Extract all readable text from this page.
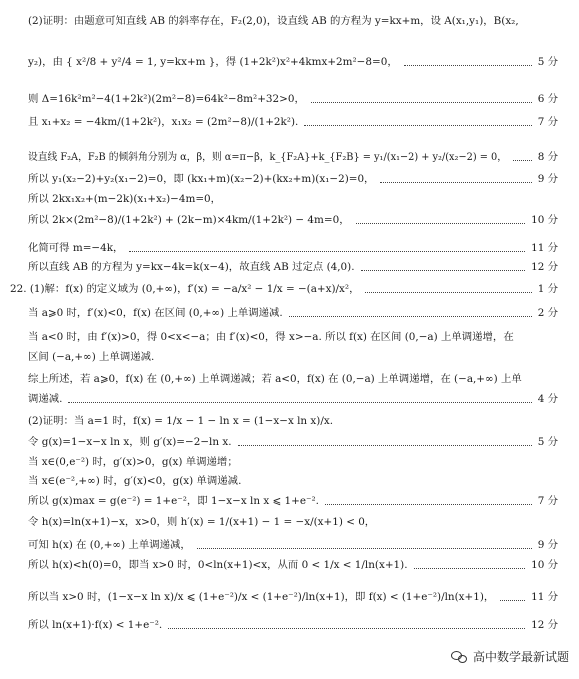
(2)证明：由题意可知直线 AB 的斜率存在，F₂(2,0)，设直线 AB 的方程为 y=kx+m，设 A(x₁,y₁)，B(x₂,
y₂)，由 { x²/8 + y²/4 = 1, y=kx+m }，得 (1+2k²)x²+4kmx+2m²−8=0，	5 分
则 Δ=16k²m²−4(1+2k²)(2m²−8)=64k²−8m²+32>0，	6 分
且 x₁+x₂ = −4km/(1+2k²)，x₁x₂ = (2m²−8)/(1+2k²).	7 分
设直线 F₂A，F₂B 的倾斜角分别为 α，β，则 α=π−β，k_{F₂A}+k_{F₂B} = y₁/(x₁−2) + y₂/(x₂−2) = 0，	8 分
所以 y₁(x₂−2)+y₂(x₁−2)=0，即 (kx₁+m)(x₂−2)+(kx₂+m)(x₁−2)=0，	9 分
所以 2kx₁x₂+(m−2k)(x₁+x₂)−4m=0，
所以 2k×(2m²−8)/(1+2k²) + (2k−m)×4km/(1+2k²) − 4m=0，	10 分
化简可得 m=−4k，	11 分
所以直线 AB 的方程为 y=kx−4k=k(x−4)，故直线 AB 过定点 (4,0).	12 分
22. (1)解：f(x) 的定义域为 (0,+∞)，f′(x) = −a/x² − 1/x = −(a+x)/x²，	1 分
当 a⩾0 时，f′(x)<0，f(x) 在区间 (0,+∞) 上单调递减.	2 分
当 a<0 时，由 f′(x)>0，得 0<x<−a；由 f′(x)<0，得 x>−a. 所以 f(x) 在区间 (0,−a) 上单调递增，在
区间 (−a,+∞) 上单调递减.
综上所述，若 a⩾0，f(x) 在 (0,+∞) 上单调递减；若 a<0，f(x) 在 (0,−a) 上单调递增，在 (−a,+∞) 上单
调递减.	4 分
(2)证明：当 a=1 时，f(x) = 1/x − 1 − ln x = (1−x−x ln x)/x.
令 g(x)=1−x−x ln x，则 g′(x)=−2−ln x.	5 分
当 x∈(0,e⁻²) 时，g′(x)>0，g(x) 单调递增；
当 x∈(e⁻²,+∞) 时，g′(x)<0，g(x) 单调递减.
所以 g(x)max = g(e⁻²) = 1+e⁻²，即 1−x−x ln x ⩽ 1+e⁻².	7 分
令 h(x)=ln(x+1)−x，x>0，则 h′(x) = 1/(x+1) − 1 = −x/(x+1) < 0，
可知 h(x) 在 (0,+∞) 上单调递减，	9 分
所以 h(x)<h(0)=0，即当 x>0 时，0<ln(x+1)<x，从而 0 < 1/x < 1/ln(x+1).	10 分
所以当 x>0 时，(1−x−x ln x)/x ⩽ (1+e⁻²)/x < (1+e⁻²)/ln(x+1)，即 f(x) < (1+e⁻²)/ln(x+1)，	11 分
所以 ln(x+1)·f(x) < 1+e⁻².	12 分
高中数学最新试题
